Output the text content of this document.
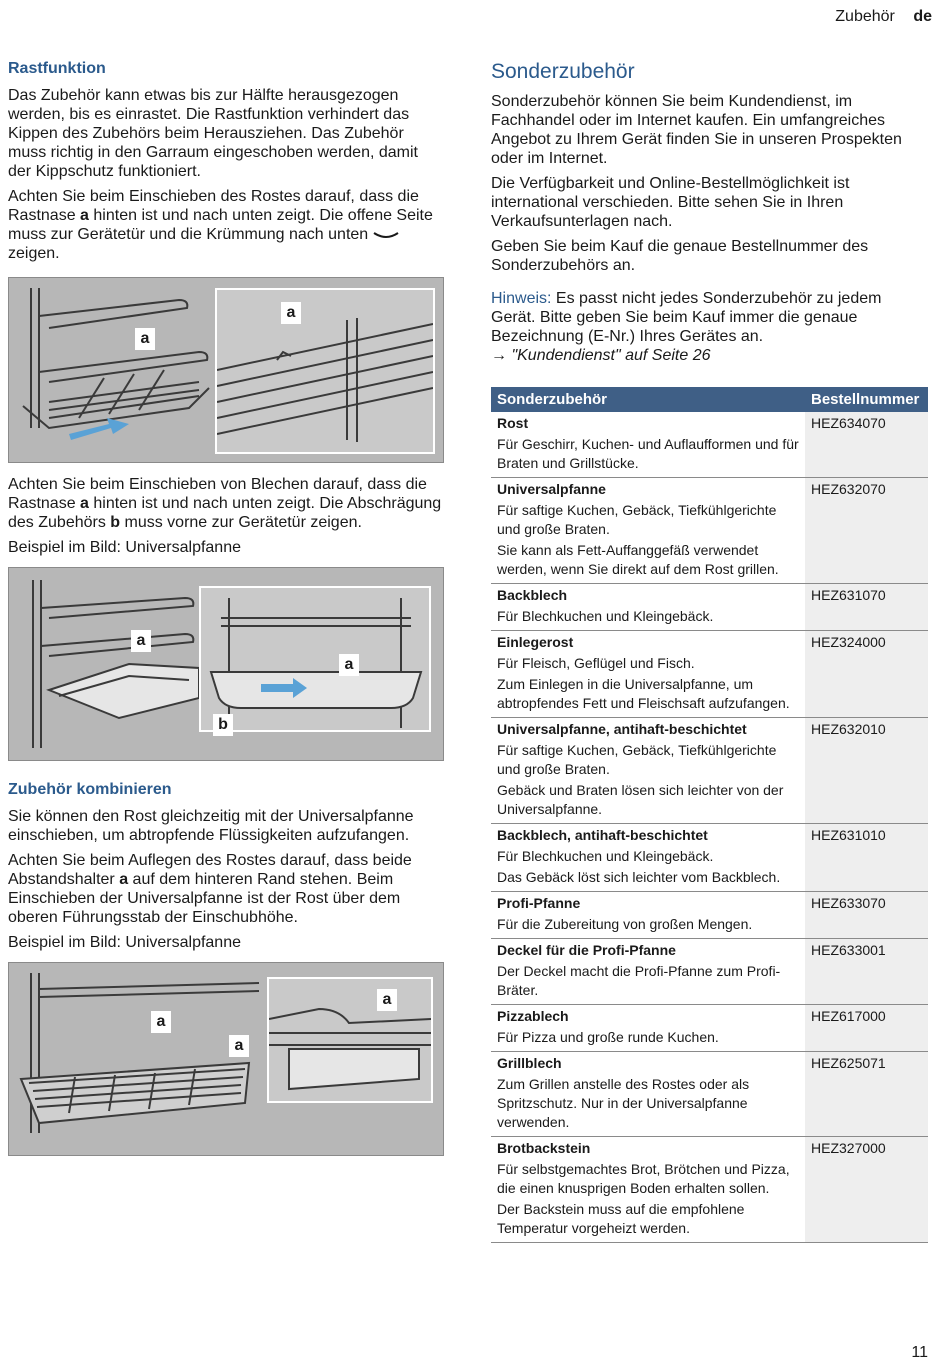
Zubehör de
Rastfunktion

Das Zubehör kann etwas bis zur Hälfte herausgezogen werden, bis es einrastet. Die Rastfunktion verhindert das Kippen des Zubehörs beim Herausziehen. Das Zubehör muss richtig in den Garraum eingeschoben werden, damit der Kippschutz funktioniert.

Achten Sie beim Einschieben des Rostes darauf, dass die Rastnase a hinten ist und nach unten zeigt. Die offene Seite muss zur Gerätetür und die Krümmung nach unten  zeigen.

a
a

Achten Sie beim Einschieben von Blechen darauf, dass die Rastnase a hinten ist und nach unten zeigt. Die Abschrägung des Zubehörs b muss vorne zur Gerätetür zeigen.

Beispiel im Bild: Universalpfanne

a
a
b
Zubehör kombinieren

Sie können den Rost gleichzeitig mit der Universalpfanne einschieben, um abtropfende Flüssigkeiten aufzufangen.

Achten Sie beim Auflegen des Rostes darauf, dass beide Abstandshalter a auf dem hinteren Rand stehen. Beim Einschieben der Universalpfanne ist der Rost über dem oberen Führungsstab der Einschubhöhe.

Beispiel im Bild: Universalpfanne

a
a
a
Sonderzubehör

Sonderzubehör können Sie beim Kundendienst, im Fachhandel oder im Internet kaufen. Ein umfangreiches Angebot zu Ihrem Gerät finden Sie in unseren Prospekten oder im Internet.

Die Verfügbarkeit und Online-Bestellmöglichkeit ist international verschieden. Bitte sehen Sie in Ihren Verkaufsunterlagen nach.

Geben Sie beim Kauf die genaue Bestellnummer des Sonderzubehörs an.

Hinweis: Es passt nicht jedes Sonderzubehör zu jedem Gerät. Bitte geben Sie beim Kauf immer die genaue Bezeichnung (E-Nr.) Ihres Gerätes an.

→ "Kundendienst" auf Seite 26

Sonderzubehör	Bestellnummer

Rost
Für Geschirr, Kuchen- und Auflaufformen und für Braten und Grillstücke.	HEZ634070

Universalpfanne
Für saftige Kuchen, Gebäck, Tiefkühlgerichte und große Braten.
Sie kann als Fett-Auffanggefäß verwendet werden, wenn Sie direkt auf dem Rost grillen.	HEZ632070

Backblech
Für Blechkuchen und Kleingebäck.	HEZ631070

Einlegerost
Für Fleisch, Geflügel und Fisch.
Zum Einlegen in die Universalpfanne, um abtropfendes Fett und Fleischsaft aufzufangen.	HEZ324000

Universalpfanne, antihaft-beschichtet
Für saftige Kuchen, Gebäck, Tiefkühlgerichte und große Braten.
Gebäck und Braten lösen sich leichter von der Universalpfanne.	HEZ632010

Backblech, antihaft-beschichtet
Für Blechkuchen und Kleingebäck.
Das Gebäck löst sich leichter vom Backblech.	HEZ631010

Profi-Pfanne
Für die Zubereitung von großen Mengen.	HEZ633070

Deckel für die Profi-Pfanne
Der Deckel macht die Profi-Pfanne zum Profi-Bräter.	HEZ633001

Pizzablech
Für Pizza und große runde Kuchen.	HEZ617000

Grillblech
Zum Grillen anstelle des Rostes oder als Spritzschutz. Nur in der Universalpfanne verwenden.	HEZ625071

Brotbackstein
Für selbstgemachtes Brot, Brötchen und Pizza, die einen knusprigen Boden erhalten sollen.
Der Backstein muss auf die empfohlene Temperatur vorgeheizt werden.	HEZ327000
11
